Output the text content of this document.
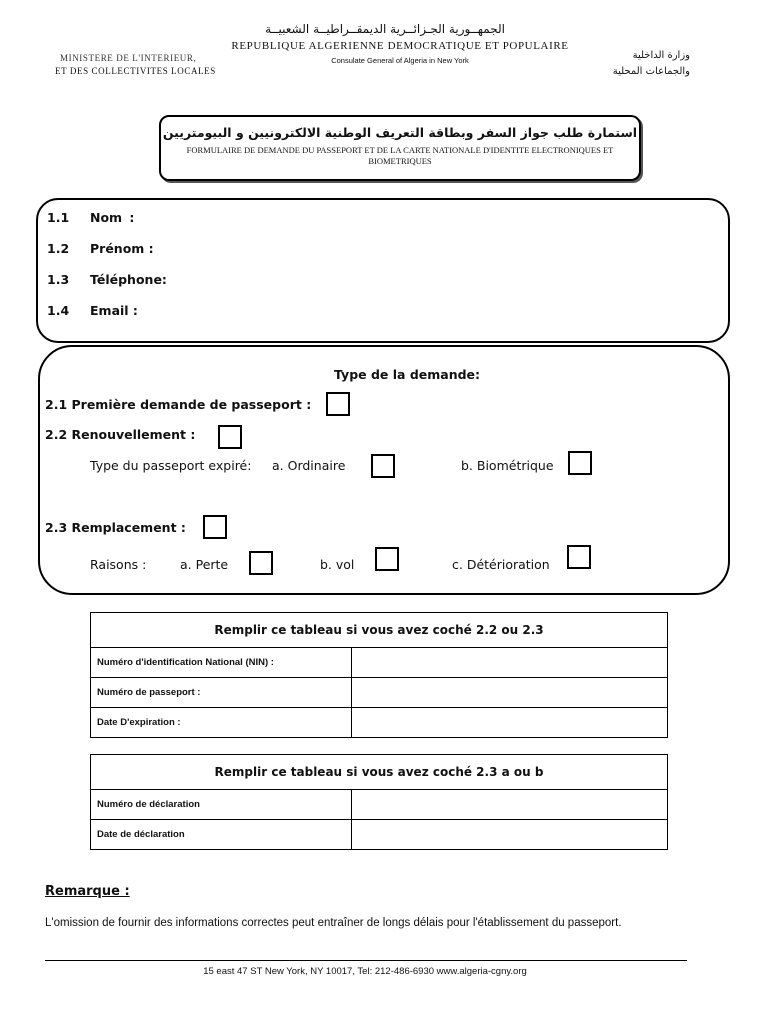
الجمهــورية الجـزائــرية الديمقــراطيــة الشعبيــة
REPUBLIQUE ALGERIENNE DEMOCRATIQUE ET POPULAIRE
Consulate General of Algeria in New York
MINISTERE DE L'INTERIEUR,
ET DES COLLECTIVITES LOCALES
وزارة الداخلية
والجماعات المحلية
استمارة طلب جواز السفر وبطاقة التعريف الوطنية الالكترونيين و البيومتريين
FORMULAIRE DE DEMANDE DU PASSEPORT ET DE LA CARTE NATIONALE D'IDENTITE ELECTRONIQUES ET BIOMETRIQUES
1.1 Nom :
1.2 Prénom :
1.3 Téléphone:
1.4 Email :
Type de la demande:
2.1 Première demande de passeport :
2.2 Renouvellement :
Type du passeport expiré: a. Ordinaire	b. Biométrique
2.3 Remplacement :
Raisons :	a. Perte	b. vol	c. Détérioration
Remplir ce tableau si vous avez coché 2.2 ou 2.3	
Numéro d'identification National (NIN) :	
Numéro de passeport :	
Date D'expiration :	
Remplir ce tableau si vous avez coché 2.3 a ou b	
Numéro de déclaration	
Date de déclaration	
Remarque :
L'omission de fournir des informations correctes peut entraîner de longs délais pour l'établissement du passeport.
15 east 47 ST New York, NY 10017, Tel: 212-486-6930 www.algeria-cgny.org
